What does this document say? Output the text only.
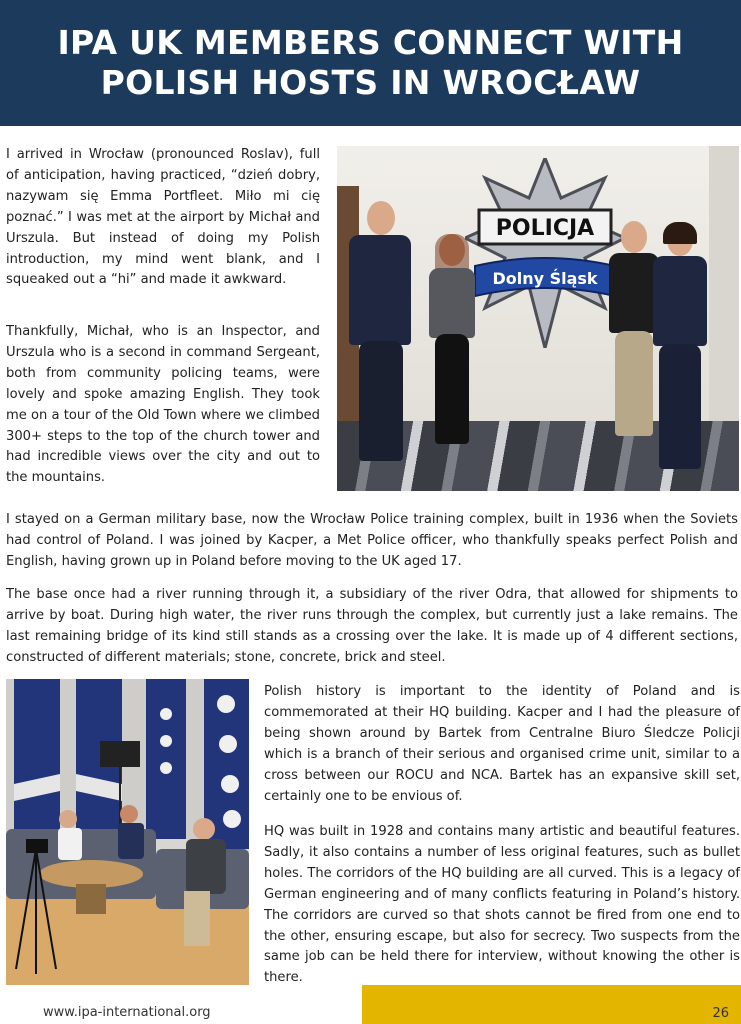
IPA UK MEMBERS CONNECT WITH
POLISH HOSTS IN WROCŁAW

I arrived in Wrocław (pronounced Roslav), full of anticipation, having practiced, “dzień dobry, nazywam się Emma Portfleet. Miło mi cię poznać.” I was met at the airport by Michał and Urszula. But instead of doing my Polish introduction, my mind went blank, and I squeaked out a “hi” and made it awkward.

Thankfully, Michał, who is an Inspector, and Urszula who is a second in command Sergeant, both from community policing teams, were lovely and spoke amazing English. They took me on a tour of the Old Town where we climbed 300+ steps to the top of the church tower and had incredible views over the city and out to the mountains.

POLICJA
Dolny Śląsk

I stayed on a German military base, now the Wrocław Police training complex, built in 1936 when the Soviets had control of Poland. I was joined by Kacper, a Met Police officer, who thankfully speaks perfect Polish and English, having grown up in Poland before moving to the UK aged 17.

The base once had a river running through it, a subsidiary of the river Odra, that allowed for shipments to arrive by boat. During high water, the river runs through the complex, but currently just a lake remains. The last remaining bridge of its kind still stands as a crossing over the lake. It is made up of 4 different sections, constructed of different materials; stone, concrete, brick and steel.

Polish history is important to the identity of Poland and is commemorated at their HQ building. Kacper and I had the pleasure of being shown around by Bartek from Centralne Biuro Śledcze Policji which is a branch of their serious and organised crime unit, similar to a cross between our ROCU and NCA. Bartek has an expansive skill set, certainly one to be envious of.

HQ was built in 1928 and contains many artistic and beautiful features. Sadly, it also contains a number of less original features, such as bullet holes. The corridors of the HQ building are all curved. This is a legacy of German engineering and of many conflicts featuring in Poland’s history. The corridors are curved so that shots cannot be fired from one end to the other, ensuring escape, but also for secrecy. Two suspects from the same job can be held there for interview, without knowing the other is there.

www.ipa-international.org	26
